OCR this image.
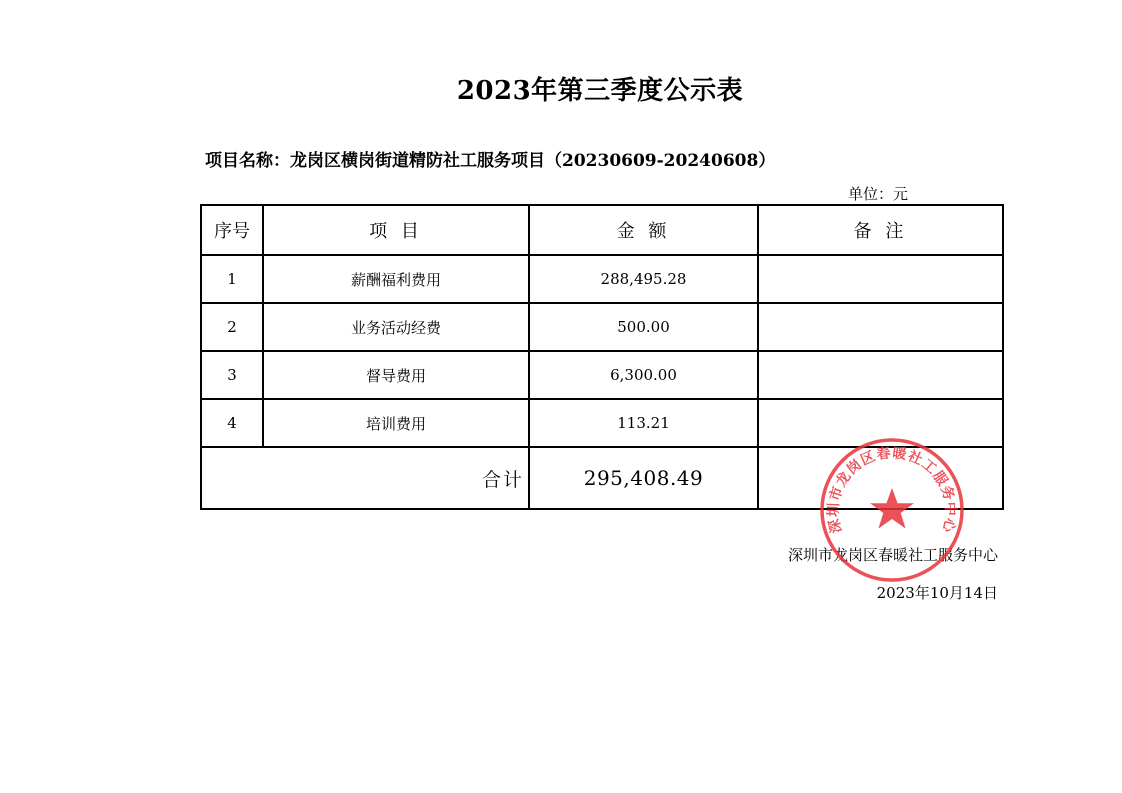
2023年第三季度公示表
项目名称：龙岗区横岗街道精防社工服务项目（20230609-20240608）
单位：元
序号	项 目	金 额	备 注
1	薪酬福利费用	288,495.28	
2	业务活动经费	500.00	
3	督导费用	6,300.00	
4	培训费用	113.21	
合计		295,408.49	
深圳市龙岗区春暖社工服务中心
2023年10月14日
深圳市龙岗区春暖社工服务中心
